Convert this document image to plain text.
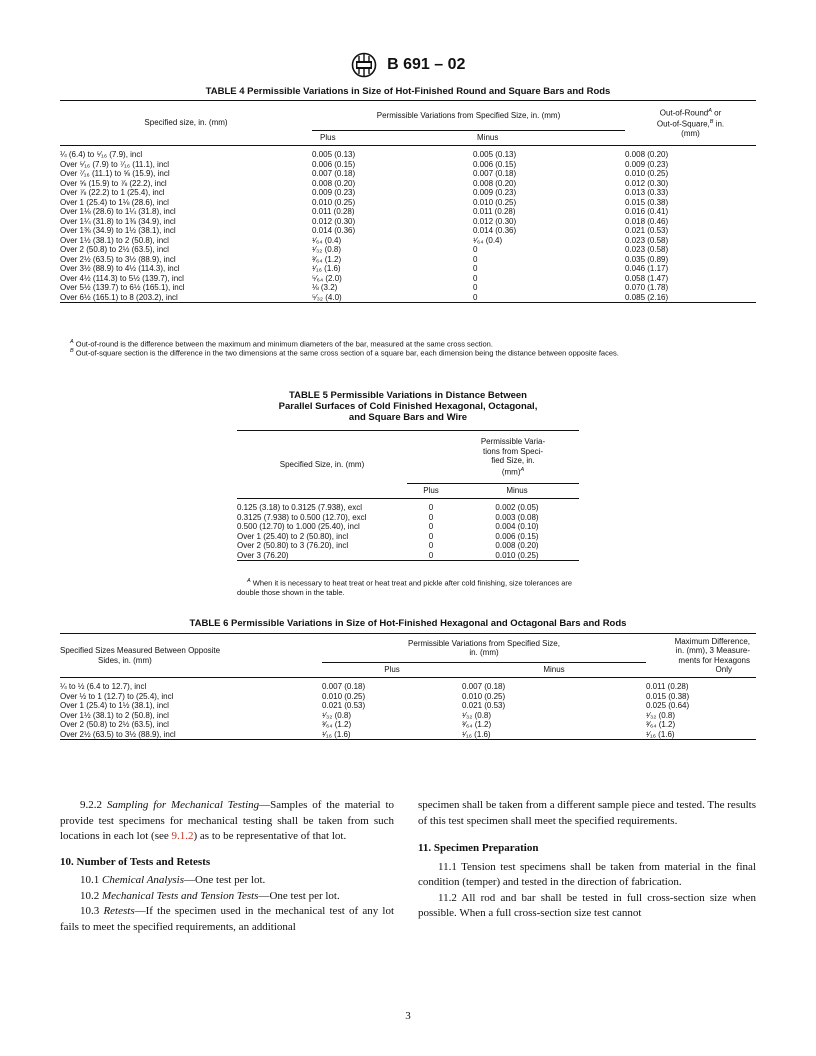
B 691 – 02
TABLE 4 Permissible Variations in Size of Hot-Finished Round and Square Bars and Rods
Specified size, in. (mm)	Permissible Variations from Specified Size, in. (mm)		Out-of-Round$^A$ or
Out-of-Square,$^B$ in.
(mm)
	Plus	Minus	

¼ (6.4) to ⁵⁄₁₆ (7.9), incl	0.005 (0.13)	0.005 (0.13)	0.008 (0.20)
Over ⁵⁄₁₆ (7.9) to ⁷⁄₁₆ (11.1), incl	0.006 (0.15)	0.006 (0.15)	0.009 (0.23)
Over ⁷⁄₁₆ (11.1) to ⅝ (15.9), incl	0.007 (0.18)	0.007 (0.18)	0.010 (0.25)
Over ⅝ (15.9) to ⅞ (22.2), incl	0.008 (0.20)	0.008 (0.20)	0.012 (0.30)
Over ⅞ (22.2) to 1 (25.4), incl	0.009 (0.23)	0.009 (0.23)	0.013 (0.33)
Over 1 (25.4) to 1⅛ (28.6), incl	0.010 (0.25)	0.010 (0.25)	0.015 (0.38)
Over 1⅛ (28.6) to 1¼ (31.8), incl	0.011 (0.28)	0.011 (0.28)	0.016 (0.41)
Over 1¼ (31.8) to 1⅜ (34.9), incl	0.012 (0.30)	0.012 (0.30)	0.018 (0.46)
Over 1⅜ (34.9) to 1½ (38.1), incl	0.014 (0.36)	0.014 (0.36)	0.021 (0.53)
Over 1½ (38.1) to 2 (50.8), incl	¹⁄₆₄ (0.4)	¹⁄₆₄ (0.4)	0.023 (0.58)
Over 2 (50.8) to 2½ (63.5), incl	¹⁄₃₂ (0.8)	0	0.023 (0.58)
Over 2½ (63.5) to 3½ (88.9), incl	³⁄₆₄ (1.2)	0	0.035 (0.89)
Over 3½ (88.9) to 4½ (114.3), incl	¹⁄₁₆ (1.6)	0	0.046 (1.17)
Over 4½ (114.3) to 5½ (139.7), incl	⁵⁄₆₄ (2.0)	0	0.058 (1.47)
Over 5½ (139.7) to 6½ (165.1), incl	⅛ (3.2)	0	0.070 (1.78)
Over 6½ (165.1) to 8 (203.2), incl	⁵⁄₃₂ (4.0)	0	0.085 (2.16)
$^A$ Out-of-round is the difference between the maximum and minimum diameters of the bar, measured at the same cross section.
$^B$ Out-of-square section is the difference in the two dimensions at the same cross section of a square bar, each dimension being the distance between opposite faces.
TABLE 5 Permissible Variations in Distance Between
Parallel Surfaces of Cold Finished Hexagonal, Octagonal,
and Square Bars and Wire
Specified Size, in. (mm)	Permissible Varia-
tions from Speci-
fied Size, in.
(mm)$^A$
	Plus	Minus

0.125 (3.18) to 0.3125 (7.938), excl	0	0.002 (0.05)
0.3125 (7.938) to 0.500 (12.70), excl	0	0.003 (0.08)
0.500 (12.70) to 1.000 (25.40), incl	0	0.004 (0.10)
Over 1 (25.40) to 2 (50.80), incl	0	0.006 (0.15)
Over 2 (50.80) to 3 (76.20), incl	0	0.008 (0.20)
Over 3 (76.20)	0	0.010 (0.25)
$^A$ When it is necessary to heat treat or heat treat and pickle after cold finishing, size tolerances are double those shown in the table.
TABLE 6 Permissible Variations in Size of Hot-Finished Hexagonal and Octagonal Bars and Rods
Specified Sizes Measured Between Opposite
Sides, in. (mm)	Permissible Variations from Specified Size,
in. (mm)		Maximum Difference,
in. (mm), 3 Measure-
ments for Hexagons
Only
	Plus	Minus	

¼ to ½ (6.4 to 12.7), incl	0.007 (0.18)	0.007 (0.18)	0.011 (0.28)
Over ½ to 1 (12.7) to (25.4), incl	0.010 (0.25)	0.010 (0.25)	0.015 (0.38)
Over 1 (25.4) to 1½ (38.1), incl	0.021 (0.53)	0.021 (0.53)	0.025 (0.64)
Over 1½ (38.1) to 2 (50.8), incl	¹⁄₃₂ (0.8)	¹⁄₃₂ (0.8)	¹⁄₃₂ (0.8)
Over 2 (50.8) to 2½ (63.5), incl	³⁄₆₄ (1.2)	³⁄₆₄ (1.2)	³⁄₆₄ (1.2)
Over 2½ (63.5) to 3½ (88.9), incl	¹⁄₁₆ (1.6)	¹⁄₁₆ (1.6)	¹⁄₁₆ (1.6)

9.2.2 Sampling for Mechanical Testing—Samples of the material to provide test specimens for mechanical testing shall be taken from such locations in each lot (see 9.1.2) as to be representative of that lot.

10. Number of Tests and Retests

10.1 Chemical Analysis—One test per lot.

10.2 Mechanical Tests and Tension Tests—One test per lot.

10.3 Retests—If the specimen used in the mechanical test of any lot fails to meet the specified requirements, an additional

specimen shall be taken from a different sample piece and tested. The results of this test specimen shall meet the specified requirements.

11. Specimen Preparation

11.1 Tension test specimens shall be taken from material in the final condition (temper) and tested in the direction of fabrication.

11.2 All rod and bar shall be tested in full cross-section size when possible. When a full cross-section size test cannot

3
